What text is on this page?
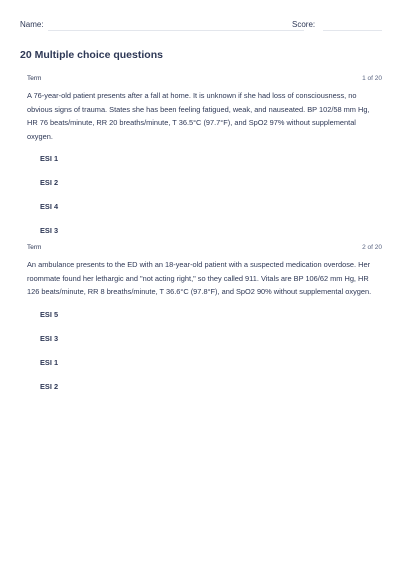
Name:	Score:
20 Multiple choice questions
Term	1 of 20
A 76-year-old patient presents after a fall at home. It is unknown if she had loss of consciousness, no obvious signs of trauma. States she has been feeling fatigued, weak, and nauseated. BP 102/58 mm Hg, HR 76 beats/minute, RR 20 breaths/minute, T 36.5°C (97.7°F), and SpO2 97% without supplemental oxygen.
ESI 1
ESI 2
ESI 4
ESI 3
Term	2 of 20
An ambulance presents to the ED with an 18-year-old patient with a suspected medication overdose. Her roommate found her lethargic and "not acting right," so they called 911. Vitals are BP 106/62 mm Hg, HR 126 beats/minute, RR 8 breaths/minute, T 36.6°C (97.8°F), and SpO2 90% without supplemental oxygen.
ESI 5
ESI 3
ESI 1
ESI 2
